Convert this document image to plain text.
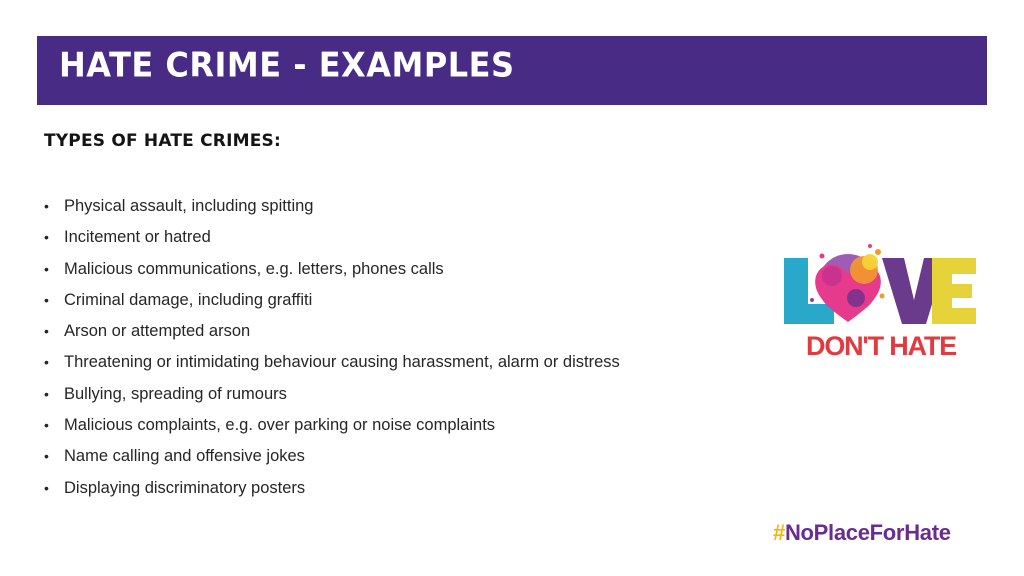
HATE CRIME - EXAMPLES
TYPES OF HATE CRIMES:
• Physical assault, including spitting
• Incitement or hatred
• Malicious communications, e.g. letters, phones calls
• Criminal damage, including graffiti
• Arson or attempted arson
• Threatening or intimidating behaviour causing harassment, alarm or distress
• Bullying, spreading of rumours
• Malicious complaints, e.g. over parking or noise complaints
• Name calling and offensive jokes
• Displaying discriminatory posters
DON'T HATE

#NoPlaceForHate
